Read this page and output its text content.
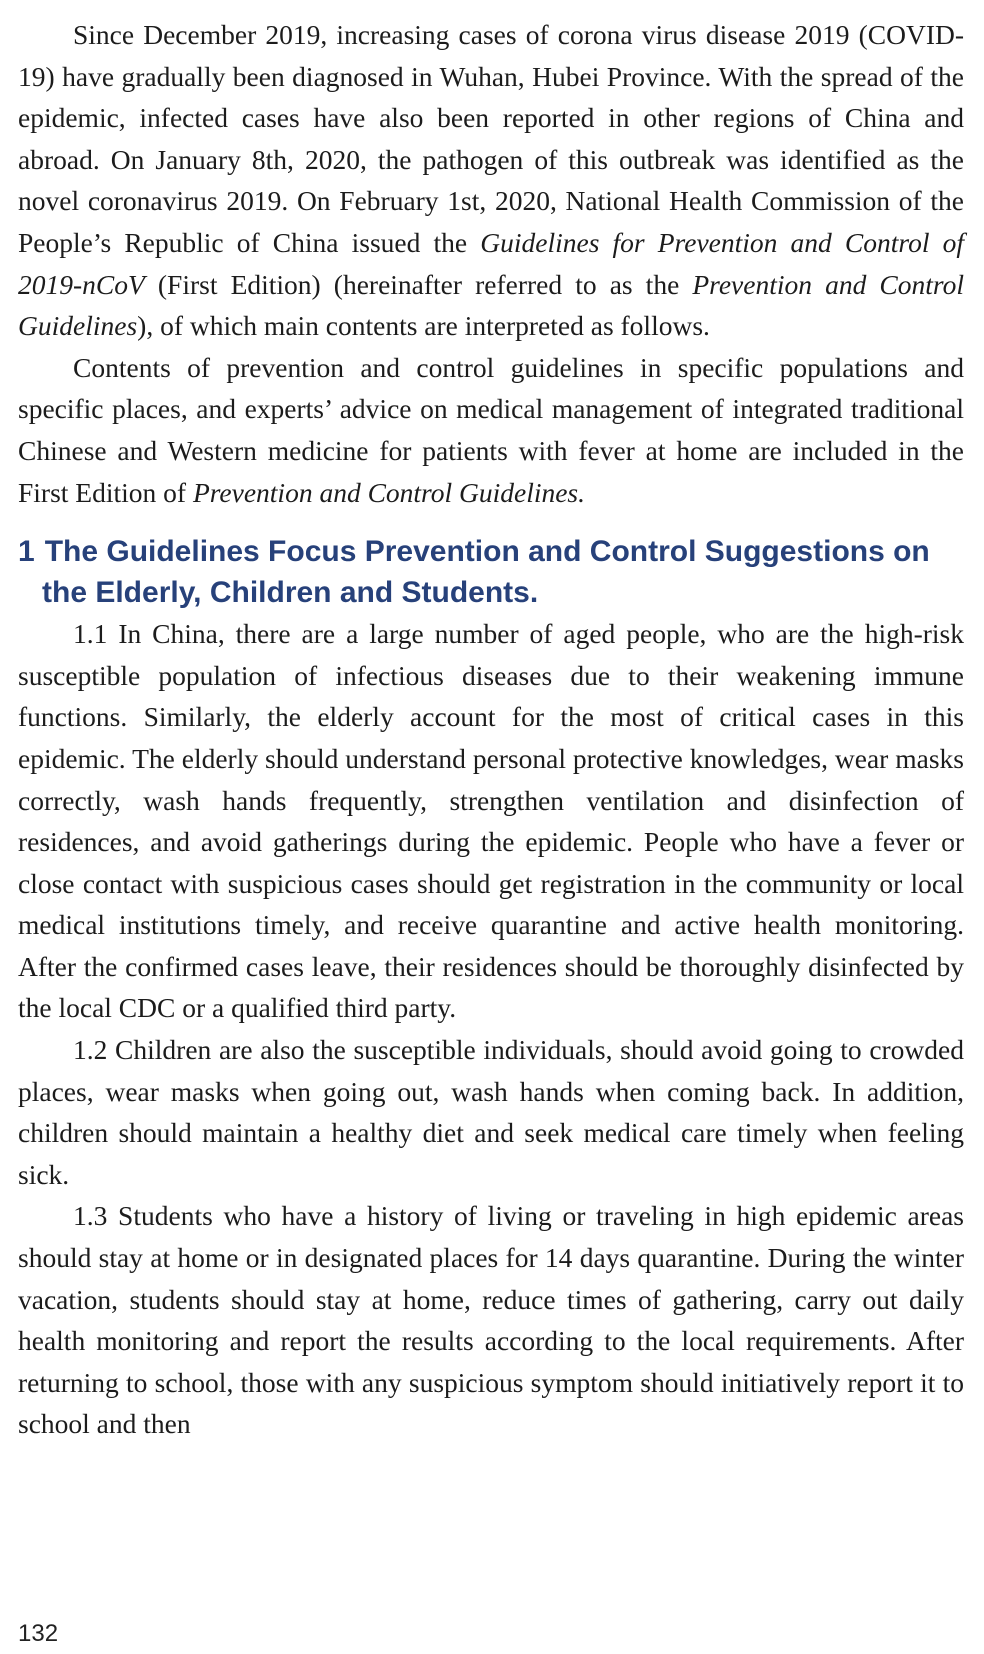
Since December 2019, increasing cases of corona virus disease 2019 (COVID-19) have gradually been diagnosed in Wuhan, Hubei Province. With the spread of the epidemic, infected cases have also been reported in other regions of China and abroad. On January 8th, 2020, the pathogen of this outbreak was identified as the novel coronavirus 2019. On February 1st, 2020, National Health Commission of the People’s Republic of China issued the Guidelines for Prevention and Control of 2019-nCoV (First Edition) (hereinafter referred to as the Prevention and Control Guidelines), of which main contents are interpreted as follows.

Contents of prevention and control guidelines in specific populations and specific places, and experts’ advice on medical management of integrated traditional Chinese and Western medicine for patients with fever at home are included in the First Edition of Prevention and Control Guidelines.

1 The Guidelines Focus Prevention and Control Suggestions on the Elderly, Children and Students.

1.1 In China, there are a large number of aged people, who are the high-risk susceptible population of infectious diseases due to their weakening immune functions. Similarly, the elderly account for the most of critical cases in this epidemic. The elderly should understand personal protective knowledges, wear masks correctly, wash hands frequently, strengthen ventilation and disinfection of residences, and avoid gatherings during the epidemic. People who have a fever or close contact with suspicious cases should get registration in the community or local medical institutions timely, and receive quarantine and active health monitoring. After the confirmed cases leave, their residences should be thoroughly disinfected by the local CDC or a qualified third party.

1.2 Children are also the susceptible individuals, should avoid going to crowded places, wear masks when going out, wash hands when coming back. In addition, children should maintain a healthy diet and seek medical care timely when feeling sick.

1.3 Students who have a history of living or traveling in high epidemic areas should stay at home or in designated places for 14 days quarantine. During the winter vacation, students should stay at home, reduce times of gathering, carry out daily health monitoring and report the results according to the local requirements. After returning to school, those with any suspicious symptom should initiatively report it to school and then

132
